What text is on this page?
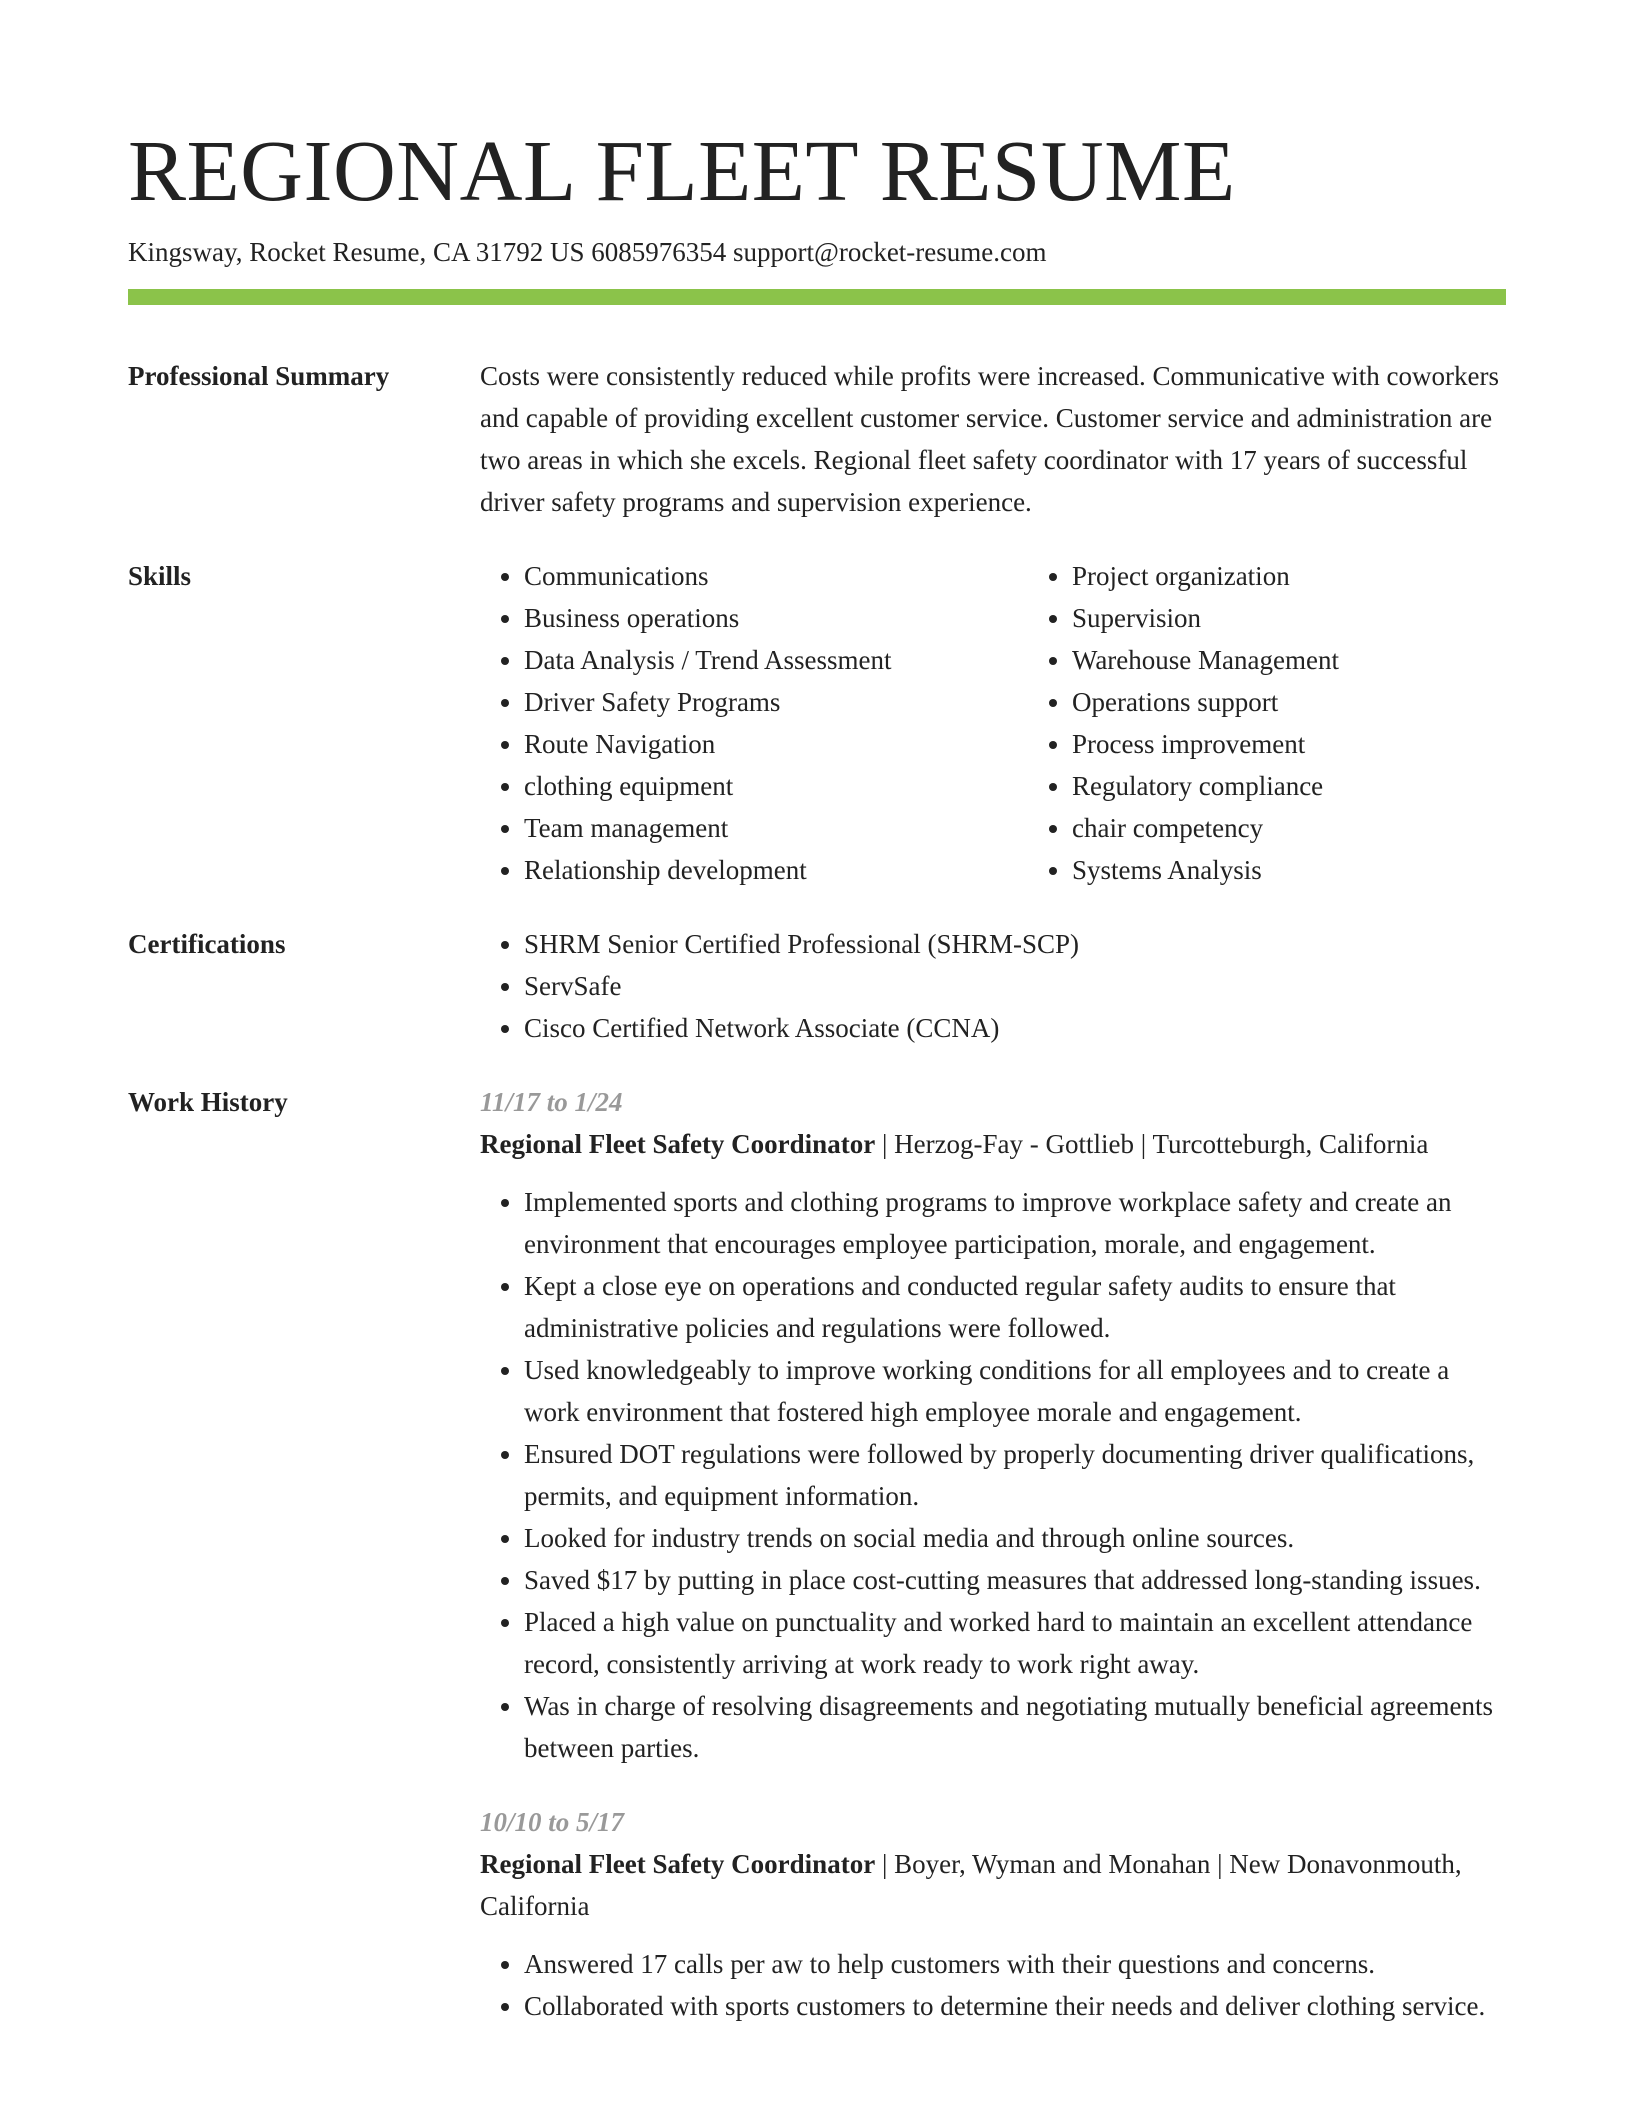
REGIONAL FLEET RESUME
Kingsway, Rocket Resume, CA 31792 US 6085976354 support@rocket-resume.com
Professional Summary	Costs were consistently reduced while profits were increased. Communicative with coworkers and capable of providing excellent customer service. Customer service and administration are two areas in which she excels. Regional fleet safety coordinator with 17 years of successful driver safety programs and supervision experience.

Skills	• Communications
• Business operations
• Data Analysis / Trend Assessment
• Driver Safety Programs
• Route Navigation
• clothing equipment
• Team management
• Relationship development
• Project organization
• Supervision
• Warehouse Management
• Operations support
• Process improvement
• Regulatory compliance
• chair competency
• Systems Analysis
Certifications	• SHRM Senior Certified Professional (SHRM-SCP)
• ServSafe
• Cisco Certified Network Associate (CCNA)
Work History	11/17 to 1/24
Regional Fleet Safety Coordinator | Herzog-Fay - Gottlieb | Turcotteburgh, California
• Implemented sports and clothing programs to improve workplace safety and create an environment that encourages employee participation, morale, and engagement.
• Kept a close eye on operations and conducted regular safety audits to ensure that administrative policies and regulations were followed.
• Used knowledgeably to improve working conditions for all employees and to create a work environment that fostered high employee morale and engagement.
• Ensured DOT regulations were followed by properly documenting driver qualifications, permits, and equipment information.
• Looked for industry trends on social media and through online sources.
• Saved $17 by putting in place cost-cutting measures that addressed long-standing issues.
• Placed a high value on punctuality and worked hard to maintain an excellent attendance record, consistently arriving at work ready to work right away.
• Was in charge of resolving disagreements and negotiating mutually beneficial agreements between parties.
10/10 to 5/17
Regional Fleet Safety Coordinator | Boyer, Wyman and Monahan | New Donavonmouth, California
• Answered 17 calls per aw to help customers with their questions and concerns.
• Collaborated with sports customers to determine their needs and deliver clothing service.
